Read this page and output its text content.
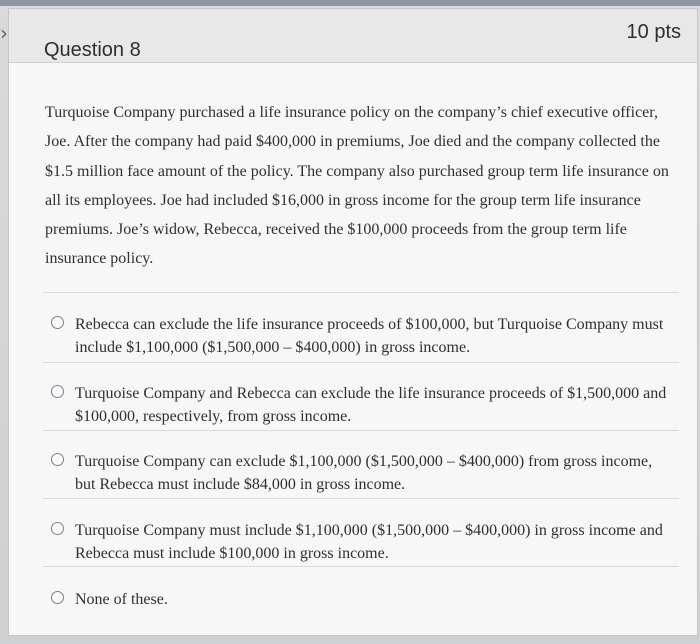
›
Question 8
10 pts
Turquoise Company purchased a life insurance policy on the company’s chief executive officer, Joe. After the company had paid $400,000 in premiums, Joe died and the company collected the $1.5 million face amount of the policy. The company also purchased group term life insurance on all its employees. Joe had included $16,000 in gross income for the group term life insurance premiums. Joe’s widow, Rebecca, received the $100,000 proceeds from the group term life insurance policy.
Rebecca can exclude the life insurance proceeds of $100,000, but Turquoise Company must include $1,100,000 ($1,500,000 – $400,000) in gross income.
Turquoise Company and Rebecca can exclude the life insurance proceeds of $1,500,000 and $100,000, respectively, from gross income.
Turquoise Company can exclude $1,100,000 ($1,500,000 – $400,000) from gross income, but Rebecca must include $84,000 in gross income.
Turquoise Company must include $1,100,000 ($1,500,000 – $400,000) in gross income and Rebecca must include $100,000 in gross income.
None of these.
